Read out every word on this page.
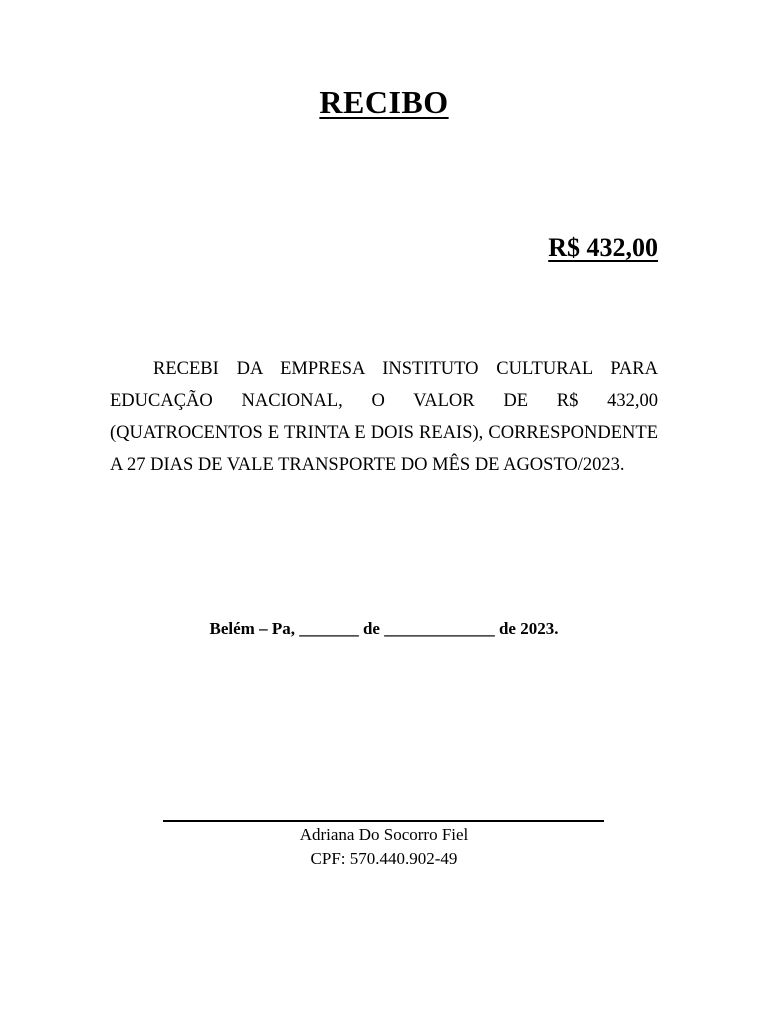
RECIBO
R$ 432,00

RECEBI DA EMPRESA INSTITUTO CULTURAL PARA EDUCAÇÃO NACIONAL, O VALOR DE R$ 432,00 (QUATROCENTOS E TRINTA E DOIS REAIS), CORRESPONDENTE A 27 DIAS DE VALE TRANSPORTE DO MÊS DE AGOSTO/2023.

Belém – Pa, _______ de _____________ de 2023.
Adriana Do Socorro Fiel
CPF: 570.440.902-49
